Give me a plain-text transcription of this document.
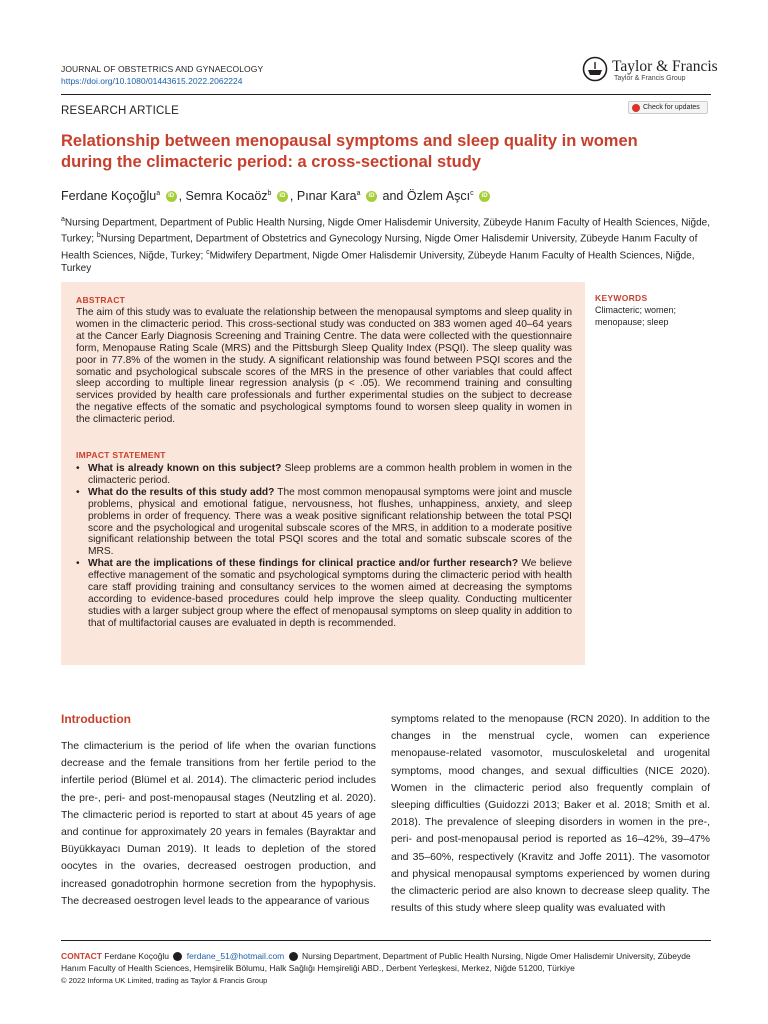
JOURNAL OF OBSTETRICS AND GYNAECOLOGY
https://doi.org/10.1080/01443615.2022.2062224
Taylor & Francis
Taylor & Francis Group
RESEARCH ARTICLE	Check for updates
Relationship between menopausal symptoms and sleep quality in women during the climacteric period: a cross-sectional study
Ferdane Koçoğlu$^a$ iD , Semra Kocaöz$^b$ iD , Pınar Kara$^a$ iD and Özlem Aşcı$^c$ iD
$^a$Nursing Department, Department of Public Health Nursing, Nigde Omer Halisdemir University, Zübeyde Hanım Faculty of Health Sciences, Niğde, Turkey; $^b$Nursing Department, Department of Obstetrics and Gynecology Nursing, Nigde Omer Halisdemir University, Zübeyde Hanım Faculty of Health Sciences, Niğde, Turkey; $^c$Midwifery Department, Nigde Omer Halisdemir University, Zübeyde Hanım Faculty of Health Sciences, Niğde, Turkey
ABSTRACT
The aim of this study was to evaluate the relationship between the menopausal symptoms and sleep quality in women in the climacteric period. This cross-sectional study was conducted on 383 women aged 40–64 years at the Cancer Early Diagnosis Screening and Training Centre. The data were collected with the questionnaire form, Menopause Rating Scale (MRS) and the Pittsburgh Sleep Quality Index (PSQI). The sleep quality was poor in 77.8% of the women in the study. A significant relationship was found between PSQI scores and the somatic and psychological subscale scores of the MRS in the presence of other variables that could affect sleep according to multiple linear regression analysis (p < .05). We recommend training and consulting services provided by health care professionals and further experimental studies on the subject to decrease the negative effects of the somatic and psychological symptoms found to worsen sleep quality in women in the climacteric period.
IMPACT STATEMENT
• What is already known on this subject? Sleep problems are a common health problem in women in the climacteric period.
• What do the results of this study add? The most common menopausal symptoms were joint and muscle problems, physical and emotional fatigue, nervousness, hot flushes, unhappiness, anxiety, and sleep problems in order of frequency. There was a weak positive significant relationship between the total PSQI score and the psychological and urogenital subscale scores of the MRS, in addition to a moderate positive significant relationship between the total PSQI scores and the total and somatic subscale scores of the MRS.
• What are the implications of these findings for clinical practice and/or further research? We believe effective management of the somatic and psychological symptoms during the climacteric period with health care staff providing training and consultancy services to the women aimed at decreasing the symptoms according to evidence-based procedures could help improve the sleep quality. Conducting multicenter studies with a larger subject group where the effect of menopausal symptoms on sleep quality in addition to that of multifactorial causes are evaluated in depth is recommended.
KEYWORDS
Climacteric; women; menopause; sleep
Introduction
The climacterium is the period of life when the ovarian functions decrease and the female transitions from her fertile period to the infertile period (Blümel et al. 2014). The climacteric period includes the pre-, peri- and post-menopausal stages (Neutzling et al. 2020). The climacteric period is reported to start at about 45 years of age and continue for approximately 20 years in females (Bayraktar and Büyükkayacı Duman 2019). It leads to depletion of the stored oocytes in the ovaries, decreased oestrogen production, and increased gonadotrophin hormone secretion from the hypophysis. The decreased oestrogen level leads to the appearance of various
symptoms related to the menopause (RCN 2020). In addition to the changes in the menstrual cycle, women can experience menopause-related vasomotor, musculoskeletal and urogenital symptoms, mood changes, and sexual difficulties (NICE 2020). Women in the climacteric period also frequently complain of sleeping difficulties (Guidozzi 2013; Baker et al. 2018; Smith et al. 2018). The prevalence of sleeping disorders in women in the pre-, peri- and post-menopausal period is reported as 16–42%, 39–47% and 35–60%, respectively (Kravitz and Joffe 2011). The vasomotor and physical menopausal symptoms experienced by women during the climacteric period are also known to decrease sleep quality. The results of this study where sleep quality was evaluated with
CONTACT Ferdane Koçoğlu ferdane_51@hotmail.com Nursing Department, Department of Public Health Nursing, Nigde Omer Halisdemir University, Zübeyde Hanım Faculty of Health Sciences, Hemşirelik Bölumu, Halk Sağlığı Hemşireliği ABD., Derbent Yerleşkesi, Merkez, Niğde 51200, Türkiye
© 2022 Informa UK Limited, trading as Taylor & Francis Group
